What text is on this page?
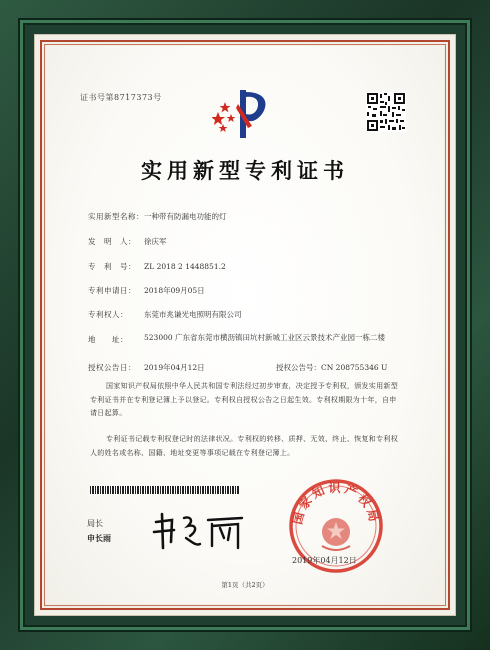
证书号第8717373号
实用新型专利证书
实用新型名称：一种带有防漏电功能的灯
发　明　人： 徐庆军
专　利　号： ZL 2018 2 1448851.2
专利申请日： 2018年09月05日
专利权人： 东莞市兆谦光电照明有限公司
地　　址：	523000 广东省东莞市横沥镇田坑村新城工业区云景技术产业园一栋二楼
授权公告日： 2019年04月12日	授权公告号：CN 208755346 U
国家知识产权局依照中华人民共和国专利法经过初步审查，决定授予专利权，颁发实用新型专利证书并在专利登记簿上予以登记。专利权自授权公告之日起生效。专利权期限为十年，自申请日起算。
专利证书记载专利权登记时的法律状况。专利权的转移、质押、无效、终止、恢复和专利权人的姓名或名称、国籍、地址变更等事项记载在专利登记簿上。
局长
申长雨
国家知识产权局
2019年04月12日
第1页（共2页）
